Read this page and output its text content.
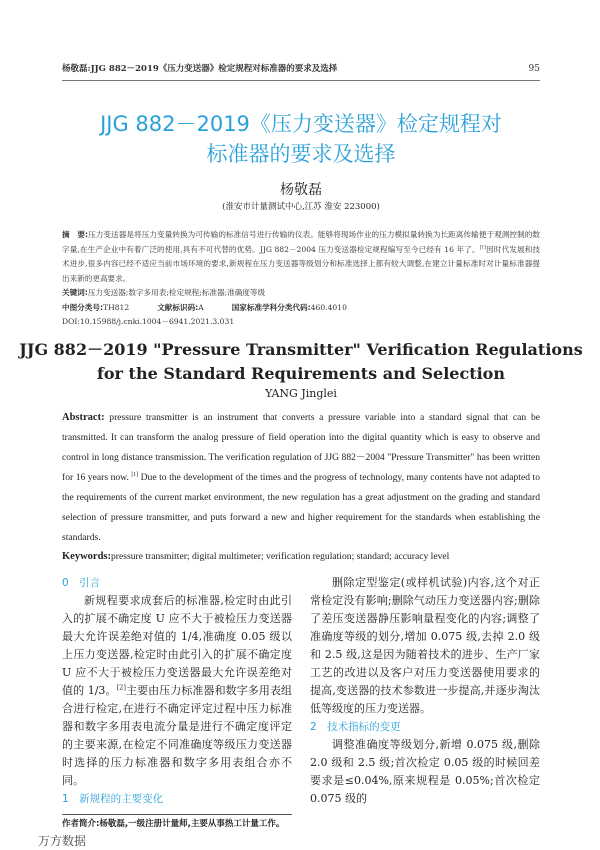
杨敬磊:JJG 882－2019《压力变送器》检定规程对标准器的要求及选择	95
JJG 882－2019《压力变送器》检定规程对
标准器的要求及选择
杨敬磊
(淮安市计量测试中心,江苏 淮安 223000)
摘　要:压力变送器是将压力变量转换为可传输的标准信号进行传输的仪表。能够将现场作业的压力模拟量转换为长距离传输便于观测控制的数字量,在生产企业中有着广泛的使用,具有不可代替的优势。JJG 882－2004 压力变送器检定规程编写至今已经有 16 年了。[1]因时代发展和技术进步,很多内容已经不适应当前市场环境的要求,新规程在压力变送器等级划分和标准选择上都有较大调整,在建立计量标准时对计量标准器提出来新的更高要求。
关键词:压力变送器;数字多用表;检定规程;标准器;准确度等级
中图分类号:TH812	文献标识码:A	国家标准学科分类代码:460.4010
DOI:10.15988/j.cnki.1004－6941.2021.3.031
JJG 882－2019 "Pressure Transmitter" Verification Regulations
for the Standard Requirements and Selection
YANG Jinglei
Abstract: pressure transmitter is an instrument that converts a pressure variable into a standard signal that can be transmitted. It can transform the analog pressure of field operation into the digital quantity which is easy to observe and control in long distance transmission. The verification regulation of JJG 882－2004 "Pressure Transmitter" has been written for 16 years now. [1] Due to the development of the times and the progress of technology, many contents have not adapted to the requirements of the current market environment, the new regulation has a great adjustment on the grading and standard selection of pressure transmitter, and puts forward a new and higher requirement for the standards when establishing the standards.
Keywords:pressure transmitter; digital multimeter; verification regulation; standard; accuracy level

0　引言

新规程要求成套后的标准器,检定时由此引入的扩展不确定度 U 应不大于被检压力变送器最大允许误差绝对值的 1/4,准确度 0.05 级以上压力变送器,检定时由此引入的扩展不确定度 U 应不大于被检压力变送器最大允许误差绝对值的 1/3。[2]主要由压力标准器和数字多用表组合进行检定,在进行不确定评定过程中压力标准器和数字多用表电流分量是进行不确定度评定的主要来源,在检定不同准确度等级压力变送器时选择的压力标准器和数字多用表组合亦不同。

1　新规程的主要变化

作者简介:杨敬磊,一级注册计量师,主要从事热工计量工作。

删除定型鉴定(或样机试验)内容,这个对正常检定没有影响;删除气动压力变送器内容;删除了差压变送器静压影响量程变化的内容;调整了准确度等级的划分,增加 0.075 级,去掉 2.0 级和 2.5 级,这是因为随着技术的进步、生产厂家工艺的改进以及客户对压力变送器使用要求的提高,变送器的技术参数进一步提高,并逐步淘汰低等级度的压力变送器。

2　技术指标的变更

调整准确度等级划分,新增 0.075 级,删除 2.0 级和 2.5 级;首次检定 0.05 级的时候回差要求是≤0.04%,原来规程是 0.05%;首次检定 0.075 级的

万方数据
